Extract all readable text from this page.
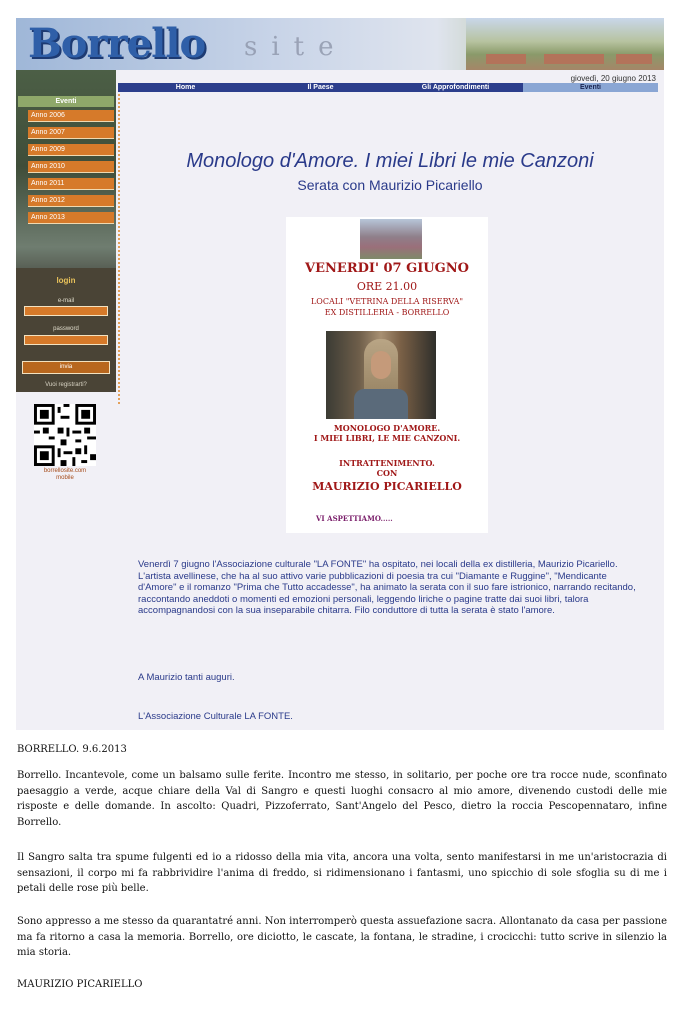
Borrello site
giovedì, 20 giugno 2013
Home	Il Paese	Gli Approfondimenti	Eventi
Eventi
Anno 2006
Anno 2007
Anno 2009
Anno 2010
Anno 2011
Anno 2012
Anno 2013
login
e-mail
password
invia
Vuoi registrarti?
borrellosite.com
mobile
Monologo d'Amore. I miei Libri le mie Canzoni
Serata con Maurizio Picariello
VENERDI' 07 GIUGNO
ORE 21.00
LOCALI "VETRINA DELLA RISERVA"
EX DISTILLERIA - BORRELLO
MONOLOGO D'AMORE.
I MIEI LIBRI, LE MIE CANZONI.
INTRATTENIMENTO.
CON
MAURIZIO PICARIELLO
VI ASPETTIAMO.....
Venerdì 7 giugno l'Associazione culturale "LA FONTE" ha ospitato, nei locali della ex distilleria, Maurizio Picariello. L'artista avellinese, che ha al suo attivo varie pubblicazioni di poesia tra cui "Diamante e Ruggine", "Mendicante d'Amore" e il romanzo "Prima che Tutto accadesse", ha animato la serata con il suo fare istrionico, narrando recitando, raccontando aneddoti o momenti ed emozioni personali, leggendo liriche o pagine tratte dai suoi libri, talora accompagnandosi con la sua inseparabile chitarra. Filo conduttore di tutta la serata è stato l'amore.
A Maurizio tanti auguri.
L'Associazione Culturale LA FONTE.
BORRELLO. 9.6.2013
Borrello. Incantevole, come un balsamo sulle ferite. Incontro me stesso, in solitario, per poche ore tra rocce nude, sconfinato paesaggio a verde, acque chiare della Val di Sangro e questi luoghi consacro al mio amore, divenendo custodi delle mie risposte e delle domande. In ascolto: Quadri, Pizzoferrato, Sant'Angelo del Pesco, dietro la roccia Pescopennataro, infine Borrello.
Il Sangro salta tra spume fulgenti ed io a ridosso della mia vita, ancora una volta, sento manifestarsi in me un'aristocrazia di sensazioni, il corpo mi fa rabbrividire l'anima di freddo, si ridimensionano i fantasmi, uno spicchio di sole sfoglia su di me i petali delle rose più belle.
Sono appresso a me stesso da quarantatré anni. Non interromperò questa assuefazione sacra. Allontanato da casa per passione ma fa ritorno a casa la memoria. Borrello, ore diciotto, le cascate, la fontana, le stradine, i crocicchi: tutto scrive in silenzio la mia storia.
MAURIZIO PICARIELLO
